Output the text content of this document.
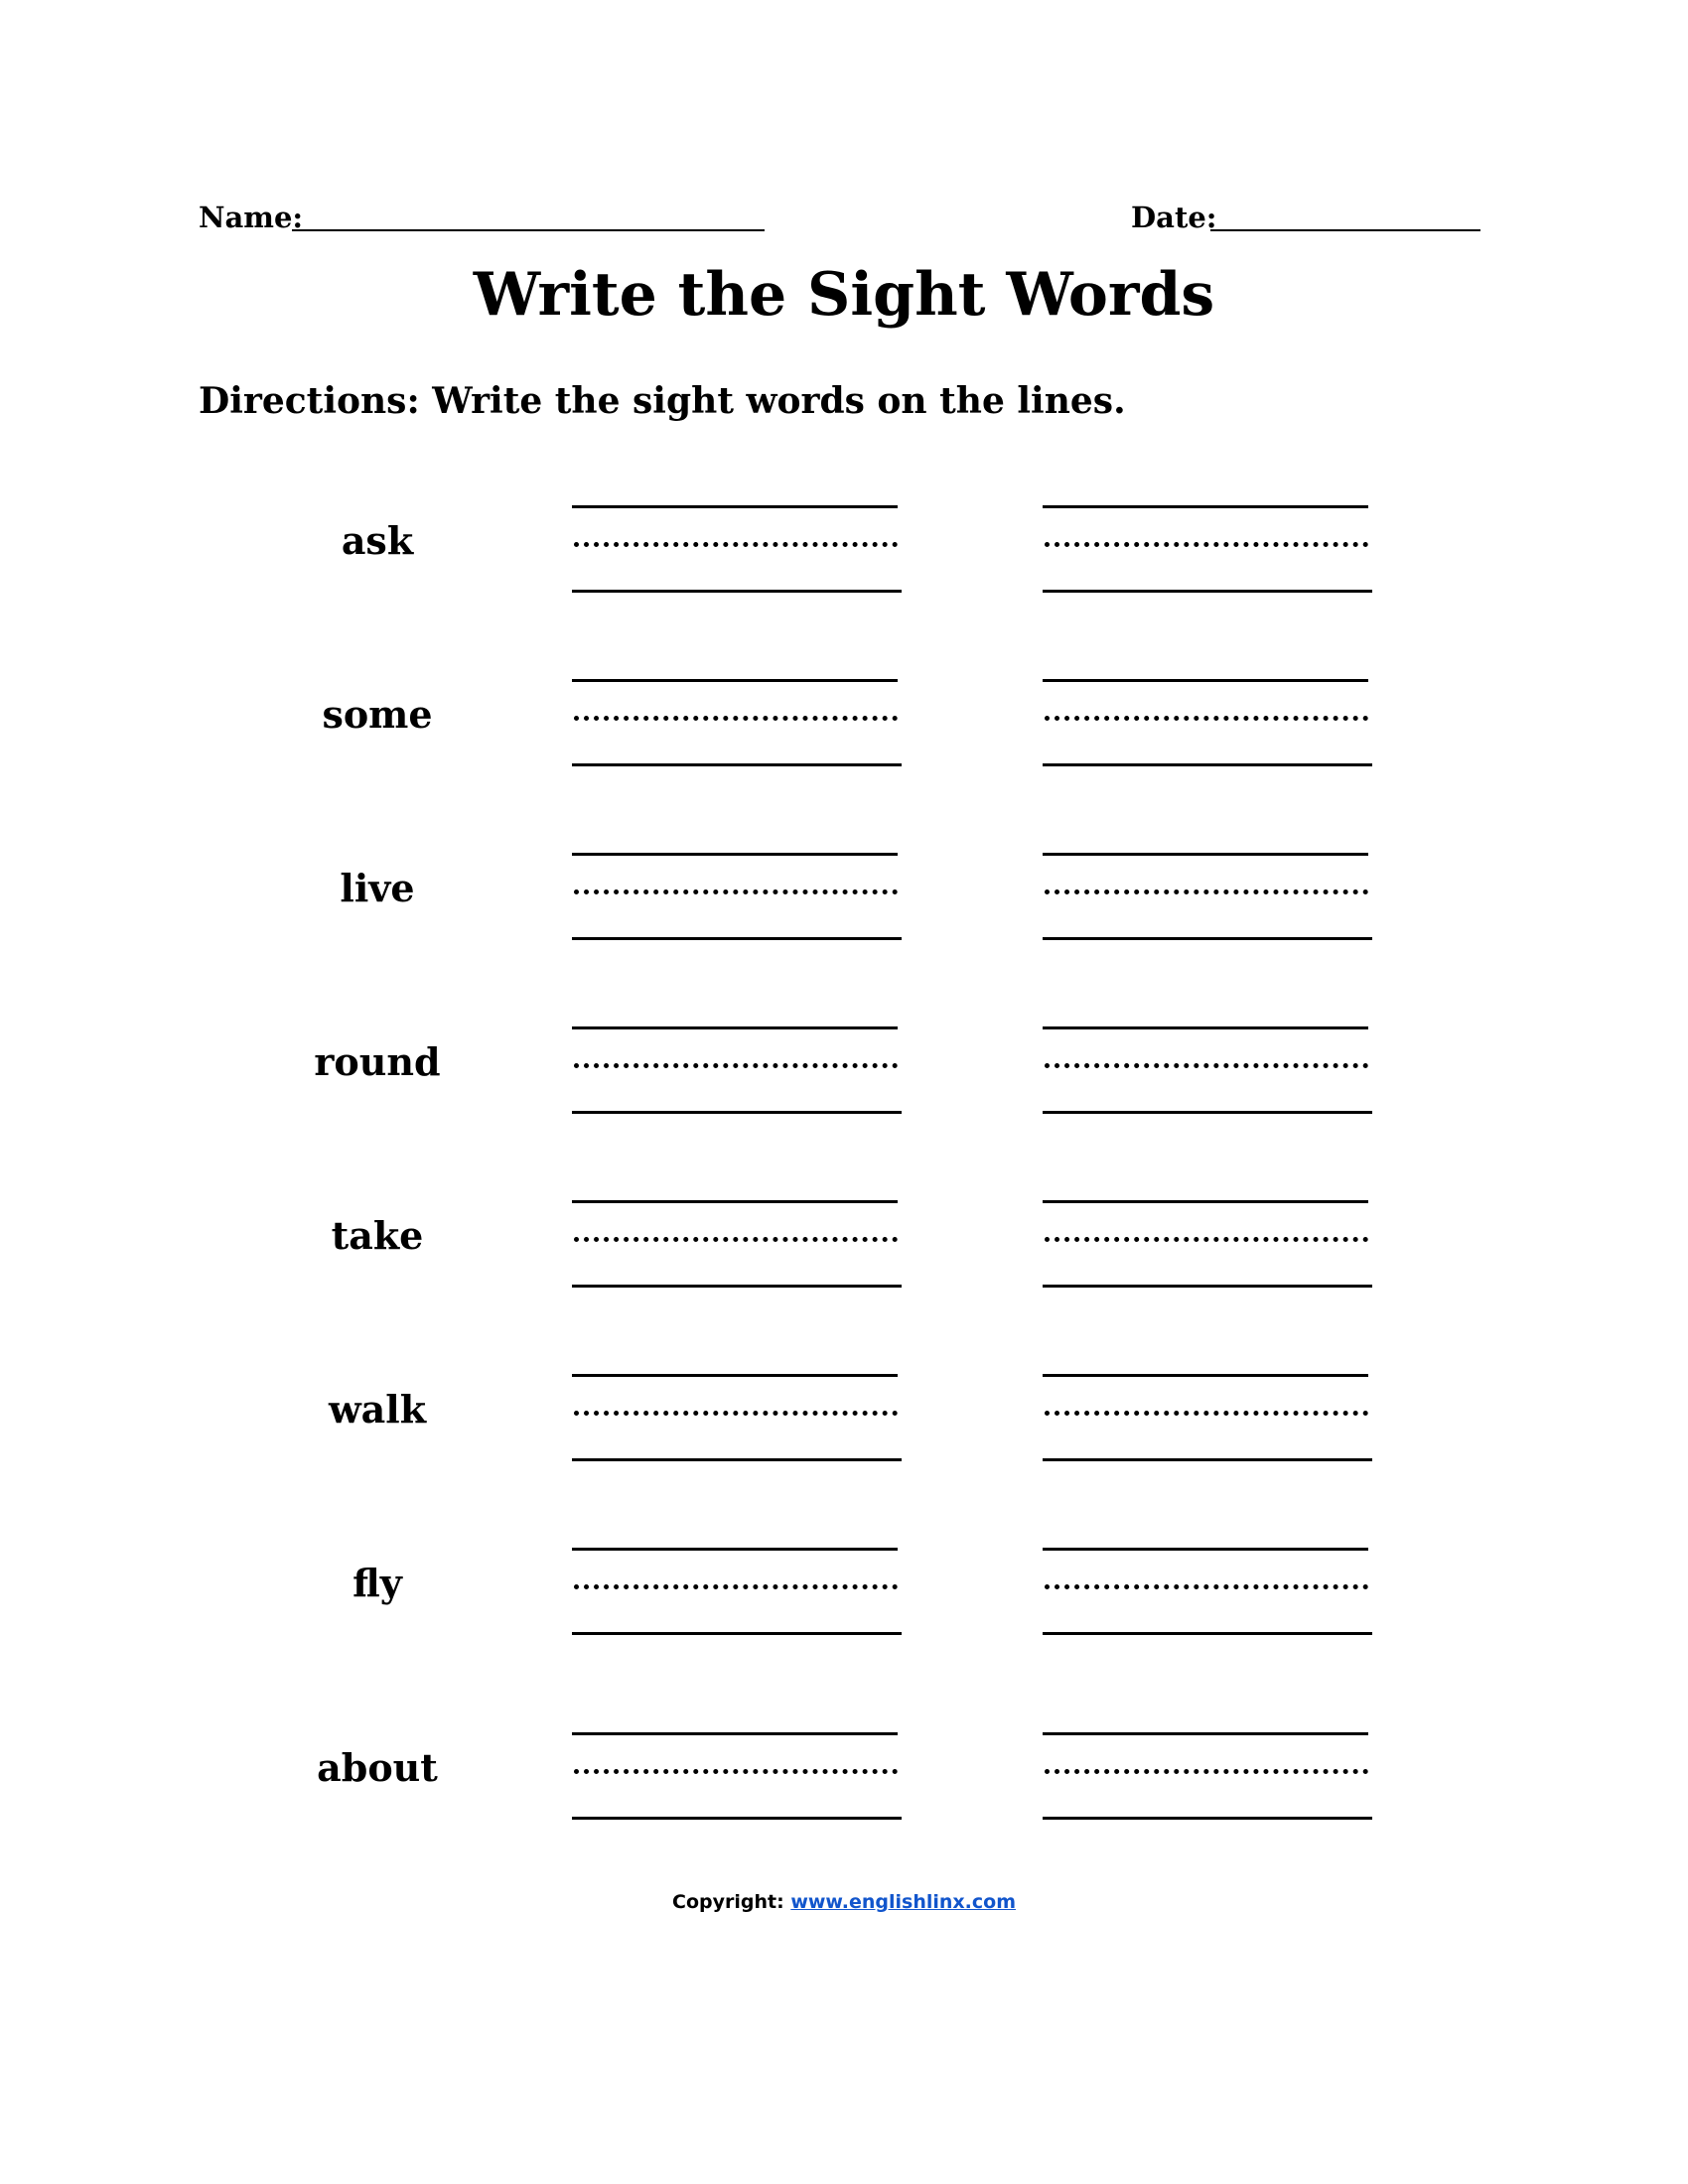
Name:	Date:
Write the Sight Words
Directions: Write the sight words on the lines.
ask
some
live
round
take
walk
fly
about
Copyright: www.englishlinx.com
